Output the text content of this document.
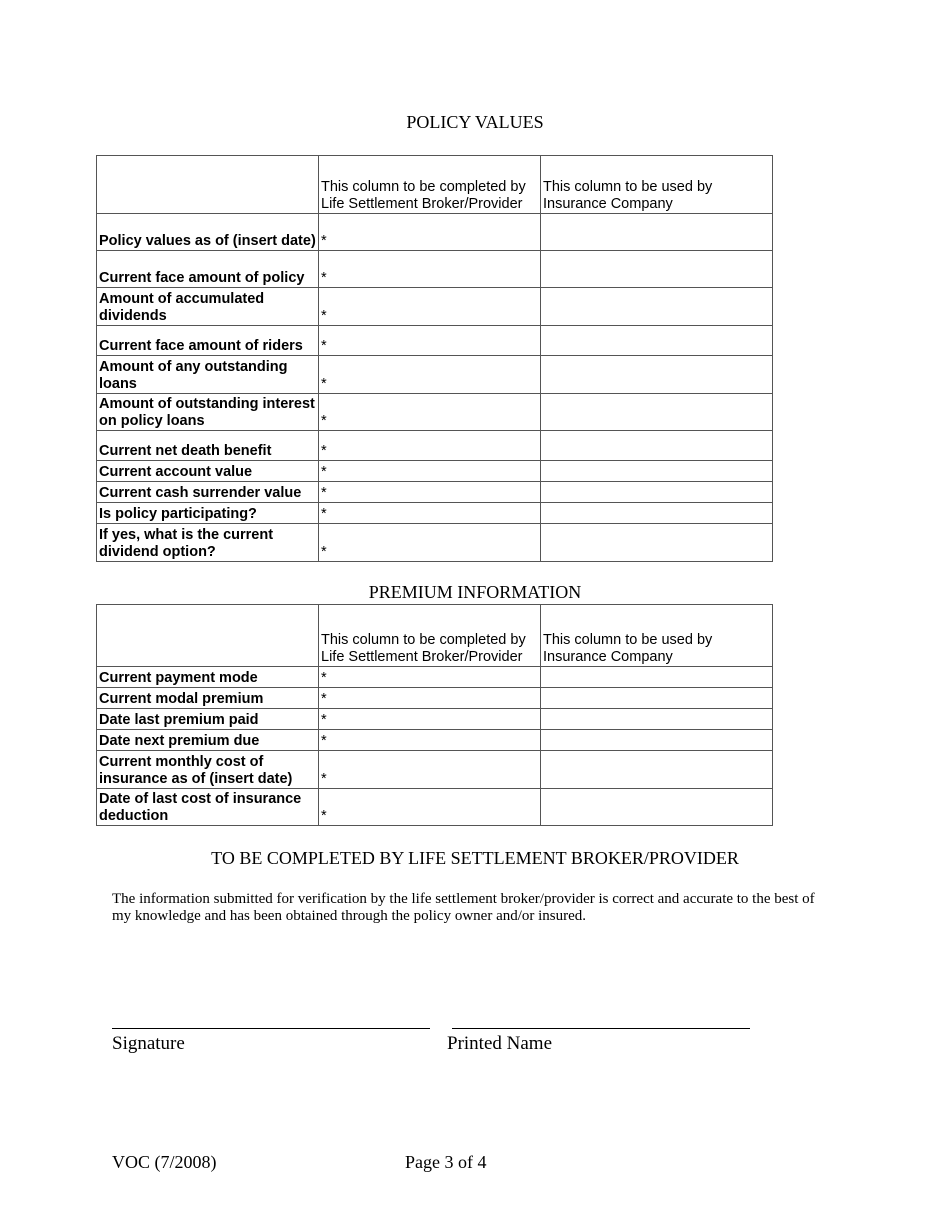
POLICY VALUES
	This column to be completed by Life Settlement Broker/Provider	This column to be used by Insurance Company
Policy values as of (insert date)	*	
Current face amount of policy	*	
Amount of accumulated dividends	*	
Current face amount of riders	*	
Amount of any outstanding loans	*	
Amount of outstanding interest on policy loans	*	
Current net death benefit	*	
Current account value	*	
Current cash surrender value	*	
Is policy participating?	*	
If yes, what is the current dividend option?	*	
PREMIUM INFORMATION
	This column to be completed by Life Settlement Broker/Provider	This column to be used by Insurance Company
Current payment mode	*	
Current modal premium	*	
Date last premium paid	*	
Date next premium due	*	
Current monthly cost of insurance as of (insert date)	*	
Date of last cost of insurance deduction	*	
TO BE COMPLETED BY LIFE SETTLEMENT BROKER/PROVIDER
The information submitted for verification by the life settlement broker/provider is correct and accurate to the best of my knowledge and has been obtained through the policy owner and/or insured.
Signature	Printed Name
VOC (7/2008)	Page 3 of 4
